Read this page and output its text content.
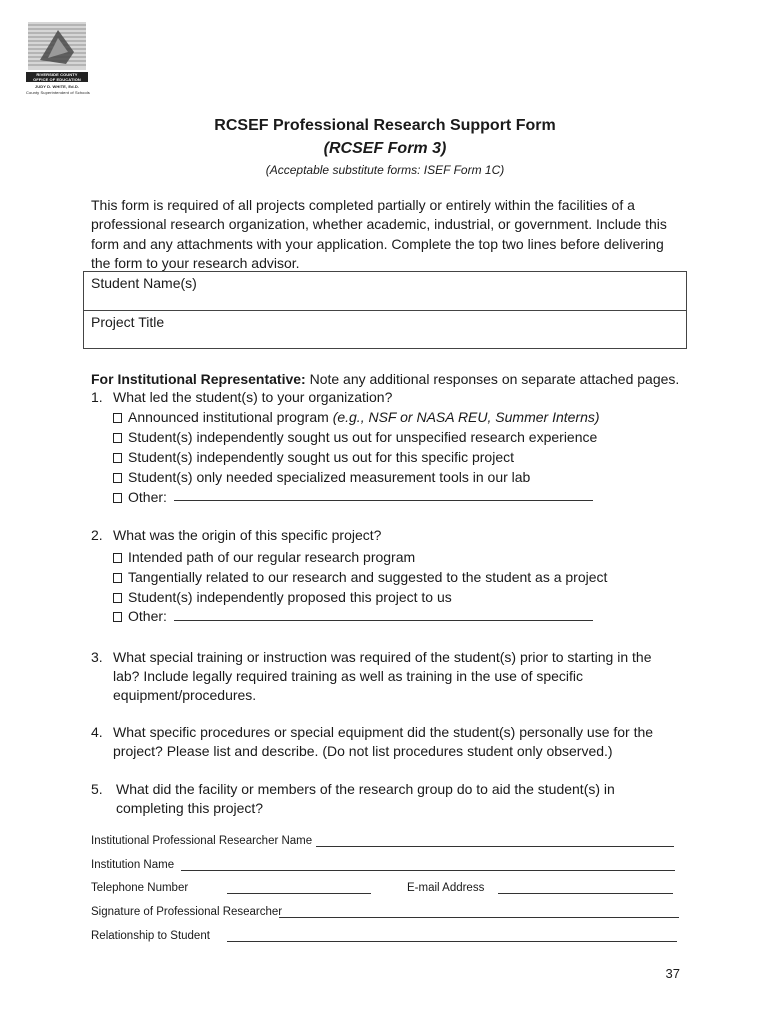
RIVERSIDE COUNTY
OFFICE OF EDUCATION
JUDY D. WHITE, Ed.D.
County Superintendent of Schools
RCSEF Professional Research Support Form
(RCSEF Form 3)
(Acceptable substitute forms: ISEF Form 1C)
This form is required of all projects completed partially or entirely within the facilities of a
professional research organization, whether academic, industrial, or government. Include this
form and any attachments with your application. Complete the top two lines before delivering
the form to your research advisor.
Student Name(s)
Project Title
For Institutional Representative: Note any additional responses on separate attached pages.
1. What led the student(s) to your organization?
Announced institutional program (e.g., NSF or NASA REU, Summer Interns)
Student(s) independently sought us out for unspecified research experience
Student(s) independently sought us out for this specific project
Student(s) only needed specialized measurement tools in our lab
Other:
2. What was the origin of this specific project?
Intended path of our regular research program
Tangentially related to our research and suggested to the student as a project
Student(s) independently proposed this project to us
Other:
3. What special training or instruction was required of the student(s) prior to starting in the
lab? Include legally required training as well as training in the use of specific
equipment/procedures.
4. What specific procedures or special equipment did the student(s) personally use for the
project? Please list and describe. (Do not list procedures student only observed.)
5. What did the facility or members of the research group do to aid the student(s) in
completing this project?
Institutional Professional Researcher Name
Institution Name
Telephone Number	E-mail Address
Signature of Professional Researcher
Relationship to Student
37
